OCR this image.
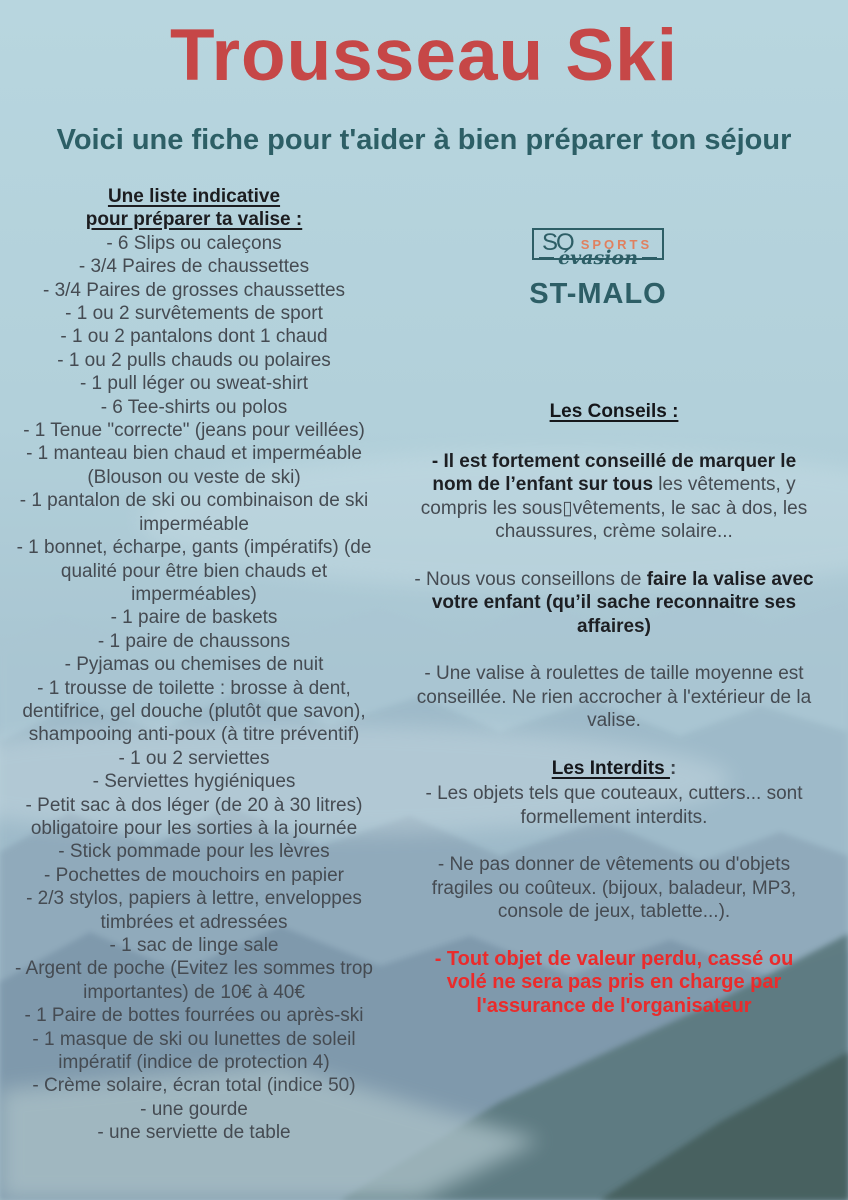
Trousseau Ski
Voici une fiche pour t'aider à bien préparer ton séjour
Une liste indicative
pour préparer ta valise :
- 6 Slips ou caleçons
- 3/4 Paires de chaussettes
- 3/4 Paires de grosses chaussettes
- 1 ou 2 survêtements de sport
- 1 ou 2 pantalons dont 1 chaud
- 1 ou 2 pulls chauds ou polaires
- 1 pull léger ou sweat-shirt
- 6 Tee-shirts ou polos
- 1 Tenue "correcte" (jeans pour veillées)
- 1 manteau bien chaud et imperméable (Blouson ou veste de ski)
- 1 pantalon de ski ou combinaison de ski imperméable
- 1 bonnet, écharpe, gants (impératifs) (de qualité pour être bien chauds et imperméables)
- 1 paire de baskets
- 1 paire de chaussons
- Pyjamas ou chemises de nuit
- 1 trousse de toilette : brosse à dent, dentifrice, gel douche (plutôt que savon), shampooing anti-poux (à titre préventif)
- 1 ou 2 serviettes
- Serviettes hygiéniques
- Petit sac à dos léger (de 20 à 30 litres) obligatoire pour les sorties à la journée
- Stick pommade pour les lèvres
- Pochettes de mouchoirs en papier
- 2/3 stylos, papiers à lettre, enveloppes timbrées et adressées
- 1 sac de linge sale
- Argent de poche (Evitez les sommes trop importantes) de 10€ à 40€
- 1 Paire de bottes fourrées ou après-ski
- 1 masque de ski ou lunettes de soleil impératif (indice de protection 4)
- Crème solaire, écran total (indice 50)
- une gourde
- une serviette de table
SO SPORTS
évasion
ST-MALO
Les Conseils :
- Il est fortement conseillé de marquer le nom de l’enfant sur tous les vêtements, y compris les sous▯vêtements, le sac à dos, les chaussures, crème solaire...
- Nous vous conseillons de faire la valise avec votre enfant (qu’il sache reconnaitre ses affaires)
- Une valise à roulettes de taille moyenne est conseillée. Ne rien accrocher à l'extérieur de la valise.
Les Interdits :
- Les objets tels que couteaux, cutters... sont formellement interdits.
- Ne pas donner de vêtements ou d'objets fragiles ou coûteux. (bijoux, baladeur, MP3, console de jeux, tablette...).
- Tout objet de valeur perdu, cassé ou volé ne sera pas pris en charge par l'assurance de l'organisateur
